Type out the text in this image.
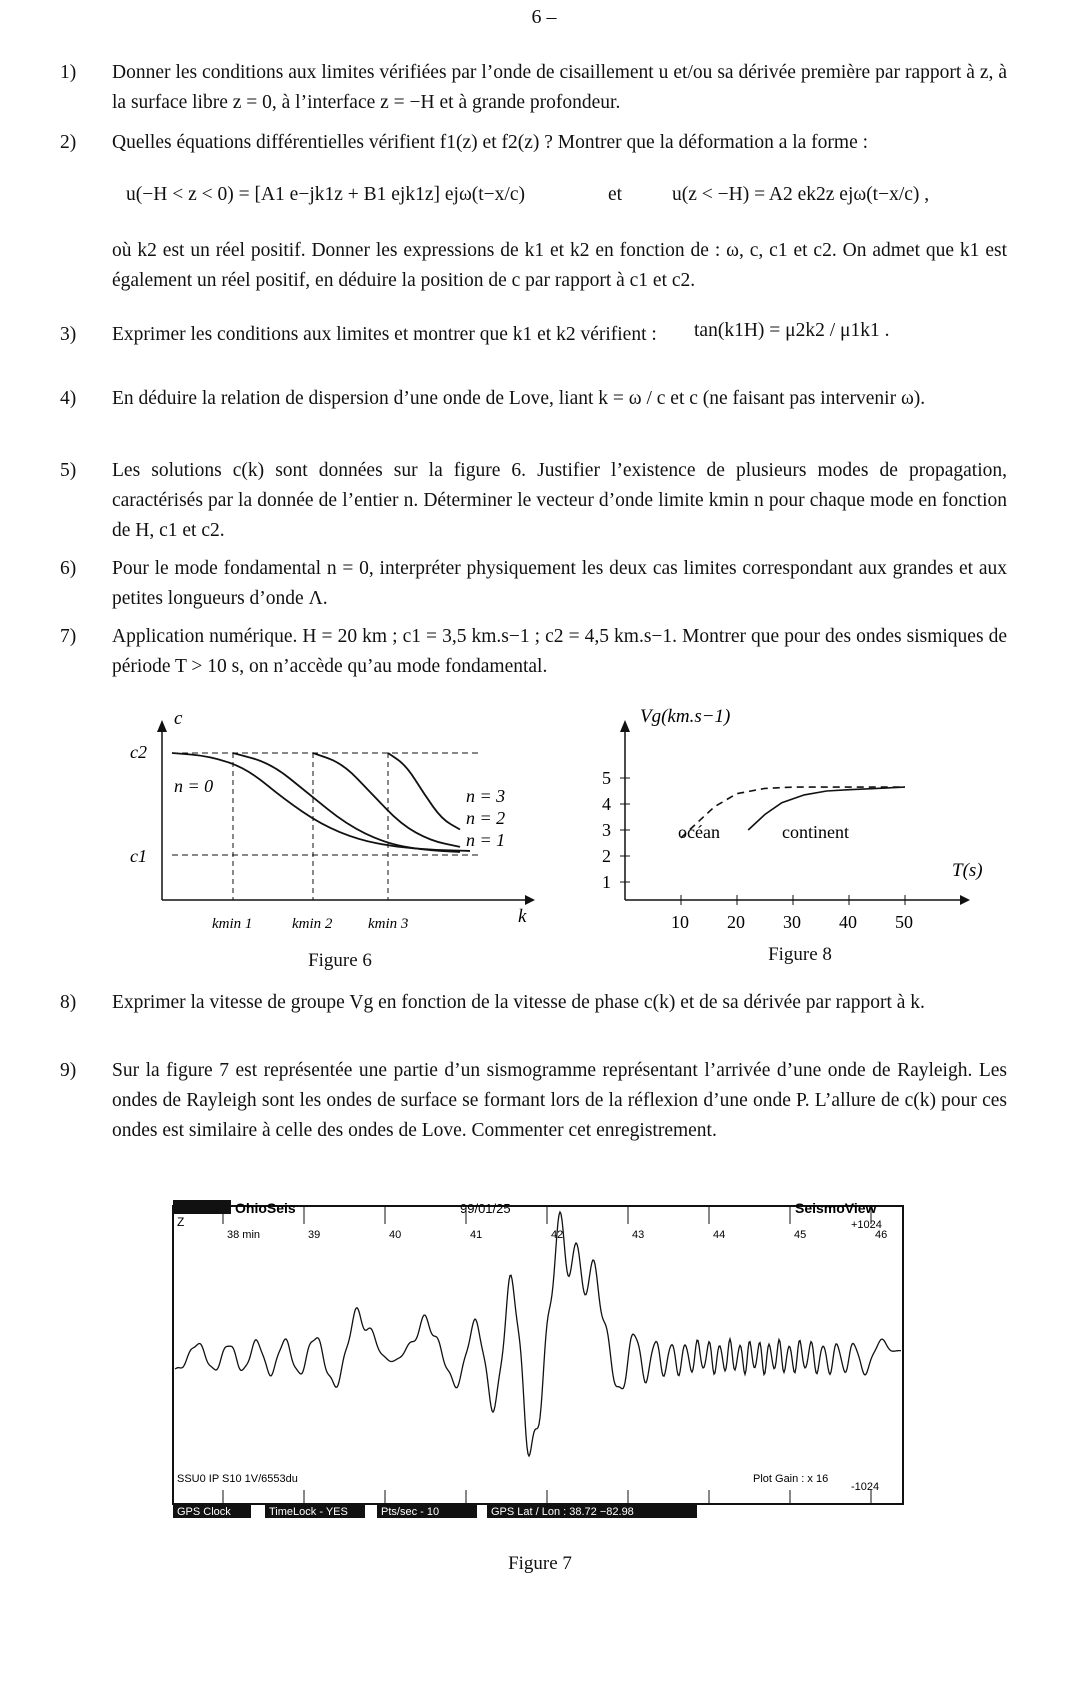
6 –
1) Donner les conditions aux limites vérifiées par l’onde de cisaillement u et/ou sa dérivée première par rapport à z, à la surface libre z = 0, à l’interface z = −H et à grande profondeur.
2) Quelles équations différentielles vérifient f1(z) et f2(z) ? Montrer que la déformation a la forme :
u(−H < z < 0) = [A1 e−jk1z + B1 ejk1z] ejω(t−x/c)	et	u(z < −H) = A2 ek2z ejω(t−x/c) ,
où k2 est un réel positif. Donner les expressions de k1 et k2 en fonction de : ω, c, c1 et c2. On admet que k1 est également un réel positif, en déduire la position de c par rapport à c1 et c2.
3) Exprimer les conditions aux limites et montrer que k1 et k2 vérifient :	tan(k1H) = μ2k2 / μ1k1 .
4) En déduire la relation de dispersion d’une onde de Love, liant k = ω / c et c (ne faisant pas intervenir ω).
5) Les solutions c(k) sont données sur la figure 6. Justifier l’existence de plusieurs modes de propagation, caractérisés par la donnée de l’entier n. Déterminer le vecteur d’onde limite kmin n pour chaque mode en fonction de H, c1 et c2.
6) Pour le mode fondamental n = 0, interpréter physiquement les deux cas limites correspondant aux grandes et aux petites longueurs d’onde Λ.
7) Application numérique. H = 20 km ; c1 = 3,5 km.s−1 ; c2 = 4,5 km.s−1. Montrer que pour des ondes sismiques de période T > 10 s, on n’accède qu’au mode fondamental.
c
k
c2
c1
kmin 1	kmin 2 kmin 3
n = 0	n = 3
n = 2
n = 1
Figure 6
Vg(km.s−1)
T(s)
10 20 30 40 50
1
2
3
4
5
océan	continent
Figure 8
8) Exprimer la vitesse de groupe Vg en fonction de la vitesse de phase c(k) et de sa dérivée par rapport à k.
9) Sur la figure 7 est représentée une partie d’un sismogramme représentant l’arrivée d’une onde de Rayleigh. Les ondes de Rayleigh sont les ondes de surface se formant lors de la réflexion d’une onde P. L’allure de c(k) pour ces ondes est similaire à celle des ondes de Love. Commenter cet enregistrement.
OhioSeis	SeismoView
99/01/25
Z	+1024
-1024
SSU0 IP S10 1V/6553du	Plot Gain : x 16
38 min	39	40	41	42	43	44	45	46
GPS Clock	TimeLock - YES	Pts/sec - 10	GPS Lat / Lon : 38.72 −82.98
Figure 7
